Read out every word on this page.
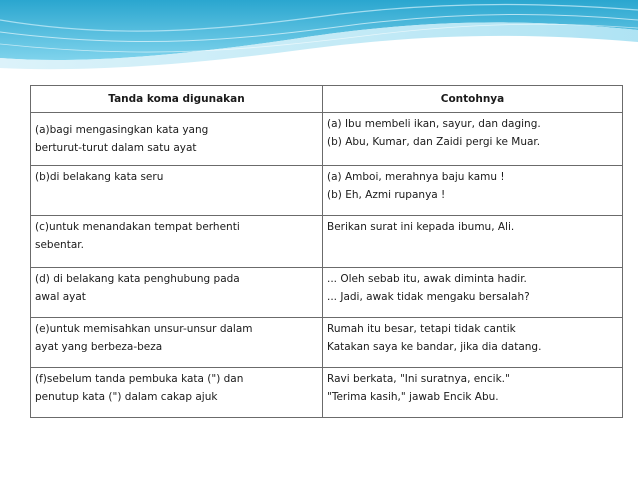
Tanda koma digunakan	Contohnya

(a)bagi mengasingkan kata yang
berturut-turut dalam satu ayat	(a) Ibu membeli ikan, sayur, dan daging.
(b) Abu, Kumar, dan Zaidi pergi ke Muar.

(b)di belakang kata seru	(a) Amboi, merahnya baju kamu !
(b) Eh, Azmi rupanya !

(c)untuk menandakan tempat berhenti
sebentar.	Berikan surat ini kepada ibumu, Ali.

(d) di belakang kata penghubung pada
awal ayat	... Oleh sebab itu, awak diminta hadir.
... Jadi, awak tidak mengaku bersalah?

(e)untuk memisahkan unsur-unsur dalam
ayat yang berbeza-beza	Rumah itu besar, tetapi tidak cantik
Katakan saya ke bandar, jika dia datang.

(f)sebelum tanda pembuka kata (") dan
penutup kata (") dalam cakap ajuk	Ravi berkata, "Ini suratnya, encik."
"Terima kasih," jawab Encik Abu.
